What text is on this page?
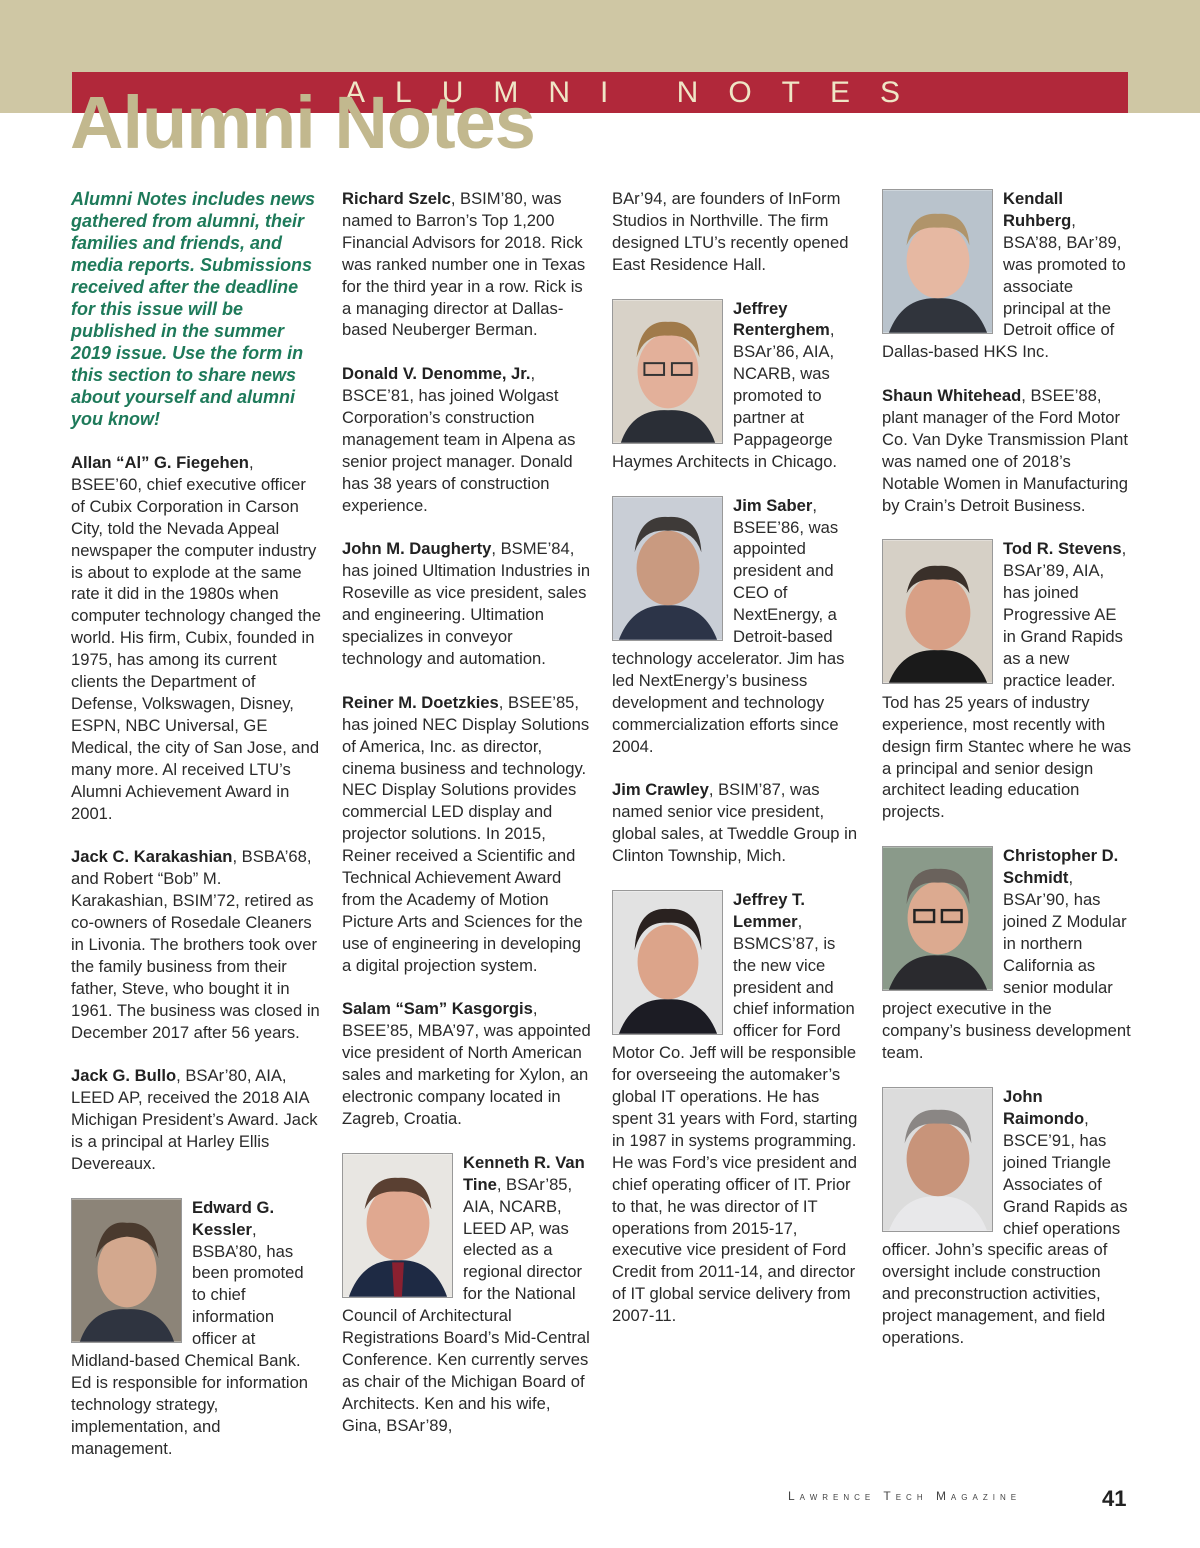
ALUMNI NOTES
Alumni Notes

Alumni Notes includes news gathered from alumni, their families and friends, and media reports. Submissions received after the deadline for this issue will be published in the summer 2019 issue. Use the form in this section to share news about yourself and alumni you know!

Allan “Al” G. Fiegehen, BSEE’60, chief executive officer of Cubix Corporation in Carson City, told the Nevada Appeal newspaper the computer industry is about to explode at the same rate it did in the 1980s when computer technology changed the world. His firm, Cubix, founded in 1975, has among its current clients the Department of Defense, Volkswagen, Disney, ESPN, NBC Universal, GE Medical, the city of San Jose, and many more. Al received LTU’s Alumni Achievement Award in 2001.

Jack C. Karakashian, BSBA’68, and Robert “Bob” M. Karakashian, BSIM’72, retired as co-owners of Rosedale Cleaners in Livonia. The brothers took over the family business from their father, Steve, who bought it in 1961. The business was closed in December 2017 after 56 years.

Jack G. Bullo, BSAr’80, AIA, LEED AP, received the 2018 AIA Michigan President’s Award. Jack is a principal at Harley Ellis Devereaux.

Edward G. Kessler, BSBA’80, has been promoted to chief information officer at Midland-based Chemical Bank. Ed is responsible for information technology strategy, implementation, and management.

Richard Szelc, BSIM’80, was named to Barron’s Top 1,200 Financial Advisors for 2018. Rick was ranked number one in Texas for the third year in a row. Rick is a managing director at Dallas-based Neuberger Berman.

Donald V. Denomme, Jr., BSCE’81, has joined Wolgast Corporation’s construction management team in Alpena as senior project manager. Donald has 38 years of construction experience.

John M. Daugherty, BSME’84, has joined Ultimation Industries in Roseville as vice president, sales and engineering. Ultimation specializes in conveyor technology and automation.

Reiner M. Doetzkies, BSEE’85, has joined NEC Display Solutions of America, Inc. as director, cinema business and technology. NEC Display Solutions provides commercial LED display and projector solutions. In 2015, Reiner received a Scientific and Technical Achievement Award from the Academy of Motion Picture Arts and Sciences for the use of engineering in developing a digital projection system.

Salam “Sam” Kasgorgis, BSEE’85, MBA’97, was appointed vice president of North American sales and marketing for Xylon, an electronic company located in Zagreb, Croatia.

Kenneth R. Van Tine, BSAr’85, AIA, NCARB, LEED AP, was elected as a regional director for the National Council of Architectural Registrations Board’s Mid-Central Conference. Ken currently serves as chair of the Michigan Board of Architects. Ken and his wife, Gina, BSAr’89,

BAr’94, are founders of InForm Studios in Northville. The firm designed LTU’s recently opened East Residence Hall.

Jeffrey Renterghem, BSAr’86, AIA, NCARB, was promoted to partner at Pappageorge Haymes Architects in Chicago.

Jim Saber, BSEE’86, was appointed president and CEO of NextEnergy, a Detroit-based technology accelerator. Jim has led NextEnergy’s business development and technology commercialization efforts since 2004.

Jim Crawley, BSIM’87, was named senior vice president, global sales, at Tweddle Group in Clinton Township, Mich.

Jeffrey T. Lemmer, BSMCS’87, is the new vice president and chief information officer for Ford Motor Co. Jeff will be responsible for overseeing the automaker’s global IT operations. He has spent 31 years with Ford, starting in 1987 in systems programming. He was Ford’s vice president and chief operating officer of IT. Prior to that, he was director of IT operations from 2015-17, executive vice president of Ford Credit from 2011-14, and director of IT global service delivery from 2007-11.

Kendall Ruhberg, BSA’88, BAr’89, was promoted to associate principal at the Detroit office of Dallas-based HKS Inc.

Shaun Whitehead, BSEE’88, plant manager of the Ford Motor Co. Van Dyke Transmission Plant was named one of 2018’s Notable Women in Manufacturing by Crain’s Detroit Business.

Tod R. Stevens, BSAr’89, AIA, has joined Progressive AE in Grand Rapids as a new practice leader. Tod has 25 years of industry experience, most recently with design firm Stantec where he was a principal and senior design architect leading education projects.

Christopher D. Schmidt, BSAr’90, has joined Z Modular in northern California as senior modular project executive in the company’s business development team.

John Raimondo, BSCE’91, has joined Triangle Associates of Grand Rapids as chief operations officer. John’s specific areas of oversight include construction and preconstruction activities, project management, and field operations.

Lawrence Tech Magazine	41
